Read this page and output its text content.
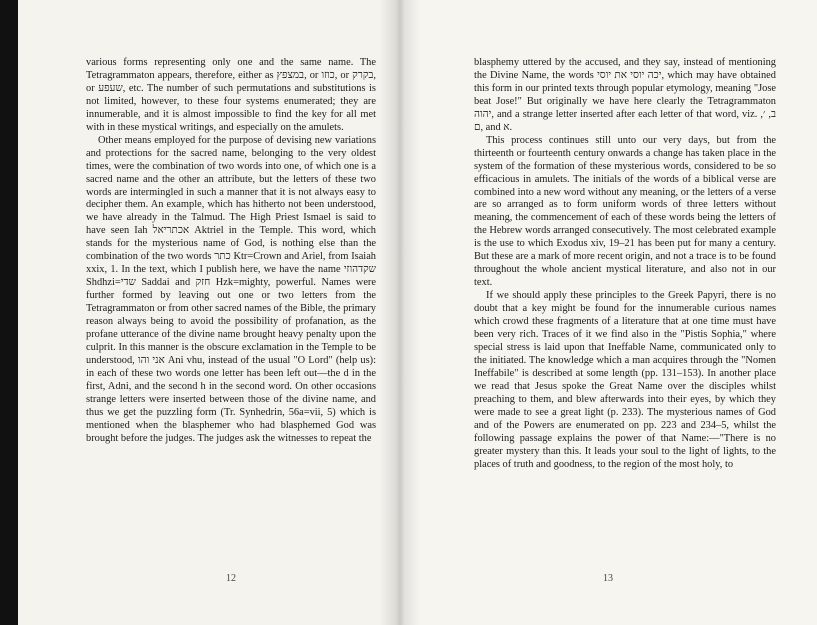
various forms representing only one and the same name. The Tetragrammaton appears, therefore, either as במצפץ, or כוזו, or בקרק, or שעפע, etc. The number of such permutations and substitutions is not limited, however, to these four systems enumerated; they are innumerable, and it is almost impossible to find the key for all met with in these mystical writings, and especially on the amulets.

Other means employed for the purpose of devising new variations and protections for the sacred name, belonging to the very oldest times, were the combination of two words into one, of which one is a sacred name and the other an attribute, but the letters of these two words are intermingled in such a manner that it is not always easy to decipher them. An example, which has hitherto not been understood, we have already in the Talmud. The High Priest Ismael is said to have seen Iah אכתריאל Aktriel in the Temple. This word, which stands for the mysterious name of God, is nothing else than the combination of the two words כתר Ktr=Crown and Ariel, from Isaiah xxix, 1. In the text, which I publish here, we have the name שקדהוזי Shdhzi=שדי Saddai and חזק Hzk=mighty, powerful. Names were further formed by leaving out one or two letters from the Tetragrammaton or from other sacred names of the Bible, the primary reason always being to avoid the possibility of profanation, as the profane utterance of the divine name brought heavy penalty upon the culprit. In this manner is the obscure exclamation in the Temple to be understood, אני והו Ani vhu, instead of the usual "O Lord" (help us): in each of these two words one letter has been left out—the d in the first, Adni, and the second h in the second word. On other occasions strange letters were inserted between those of the divine name, and thus we get the puzzling form (Tr. Synhedrin, 56a=vii, 5) which is mentioned when the blasphemer who had blasphemed God was brought before the judges. The judges ask the witnesses to repeat the

blasphemy uttered by the accused, and they say, instead of mentioning the Divine Name, the words יכה יוסי את יוסי, which may have obtained this form in our printed texts through popular etymology, meaning "Jose beat Jose!" But originally we have here clearly the Tetragrammaton יהוה, and a strange letter inserted after each letter of that word, viz. ב, ׳, ם, and א.

This process continues still unto our very days, but from the thirteenth or fourteenth century onwards a change has taken place in the system of the formation of these mysterious words, considered to be so efficacious in amulets. The initials of the words of a biblical verse are combined into a new word without any meaning, or the letters of a verse are so arranged as to form uniform words of three letters without meaning, the commencement of each of these words being the letters of the Hebrew words arranged consecutively. The most celebrated example is the use to which Exodus xiv, 19–21 has been put for many a century. But these are a mark of more recent origin, and not a trace is to be found throughout the whole ancient mystical literature, and also not in our text.

If we should apply these principles to the Greek Papyri, there is no doubt that a key might be found for the innumerable curious names which crowd these fragments of a literature that at one time must have been very rich. Traces of it we find also in the "Pistis Sophia," where special stress is laid upon that Ineffable Name, communicated only to the initiated. The knowledge which a man acquires through the "Nomen Ineffabile" is described at some length (pp. 131–153). In another place we read that Jesus spoke the Great Name over the disciples whilst preaching to them, and blew afterwards into their eyes, by which they were made to see a great light (p. 233). The mysterious names of God and of the Powers are enumerated on pp. 223 and 234–5, whilst the following passage explains the power of that Name:—"There is no greater mystery than this. It leads your soul to the light of lights, to the places of truth and goodness, to the region of the most holy, to

12	13
